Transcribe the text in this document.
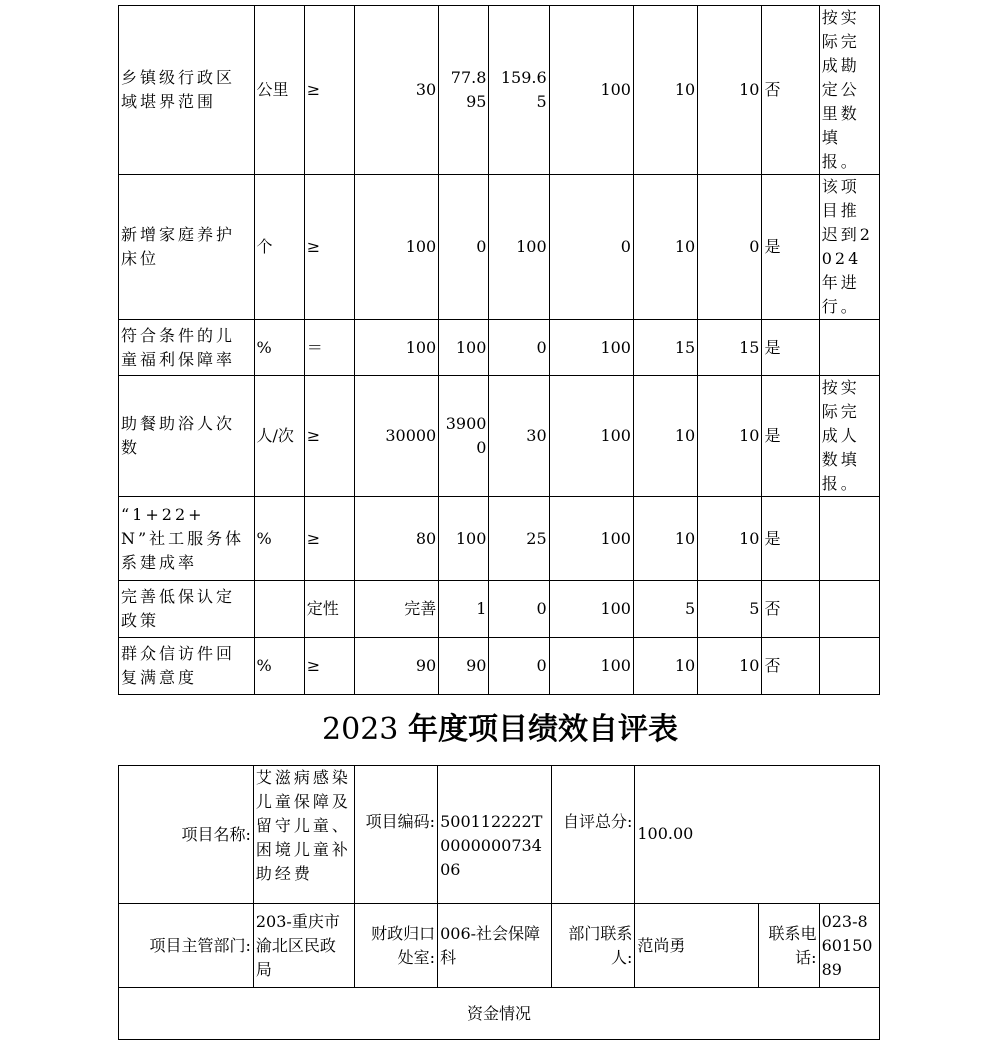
乡镇级行政区域堪界范围	公里	≥	30	77.895	159.65	100	10	10	否	按实际完成勘定公里数填报。
新增家庭养护床位	个	≥	100	0	100	0	10	0	是	该项目推迟到2024年进行。
符合条件的儿童福利保障率	%	＝	100	100	0	100	15	15	是	
助餐助浴人次数	人/次	≥	30000	39000	30	100	10	10	是	按实际完成人数填报。
“1+22+N”社工服务体系建成率	%	≥	80	100	25	100	10	10	是	
完善低保认定政策		定性	完善	1	0	100	5	5	否	
群众信访件回复满意度	%	≥	90	90	0	100	10	10	否	
2023 年度项目绩效自评表
项目名称:	艾滋病感染儿童保障及留守儿童、困境儿童补助经费	项目编码:	500112222T000000073406	自评总分:	100.00		
项目主管部门:	203-重庆市渝北区民政局	财政归口处室:	006-社会保障科	部门联系人:	范尚勇	联系电话:	023-86015089
资金情况							
